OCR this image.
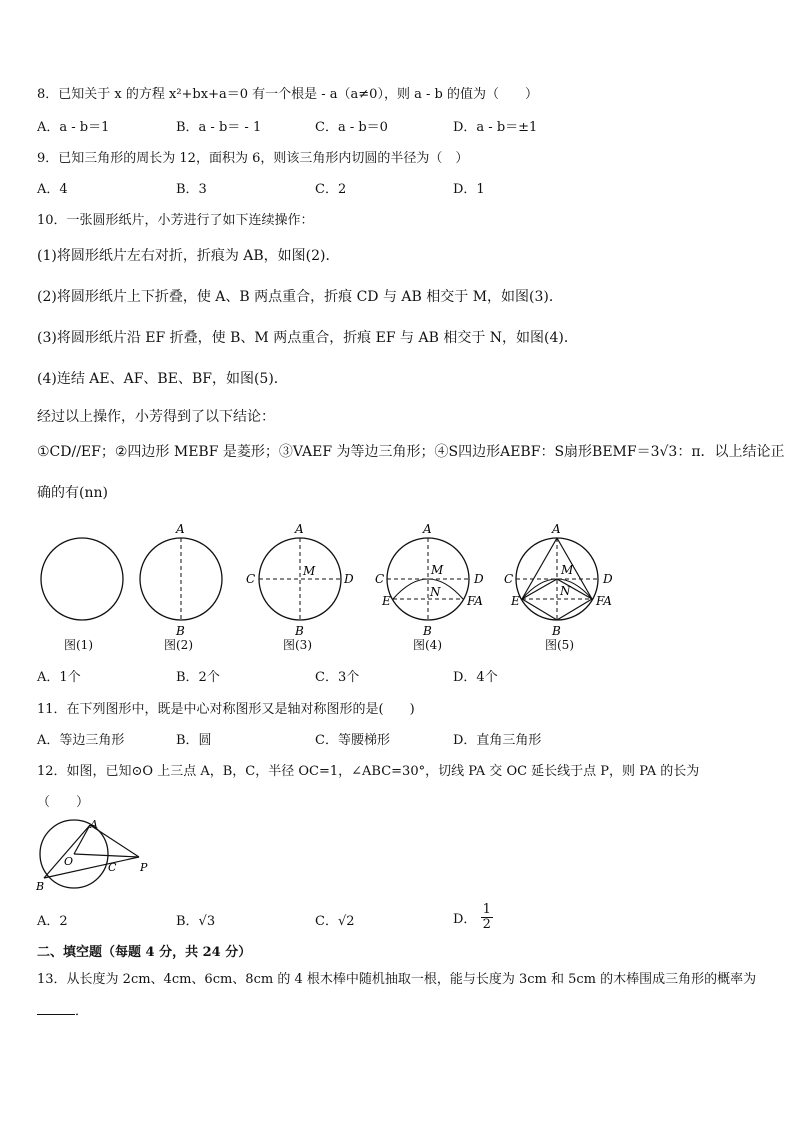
8．已知关于 x 的方程 x²+bx+a＝0 有一个根是 - a（a≠0），则 a - b 的值为（　　）
A．a - b＝1	B．a - b＝ - 1	C．a - b＝0	D．a - b＝±1
9．已知三角形的周长为 12，面积为 6，则该三角形内切圆的半径为（　）
A．4	B．3	C．2	D．1
10．一张圆形纸片，小芳进行了如下连续操作：
(1)将圆形纸片左右对折，折痕为 AB，如图(2)．
(2)将圆形纸片上下折叠，使 A、B 两点重合，折痕 CD 与 AB 相交于 M，如图(3)．
(3)将圆形纸片沿 EF 折叠，使 B、M 两点重合，折痕 EF 与 AB 相交于 N，如图(4)．
(4)连结 AE、AF、BE、BF，如图(5)．
经过以上操作，小芳得到了以下结论：
①CD//EF；②四边形 MEBF 是菱形；③VAEF 为等边三角形；④S四边形AEBF：S扇形BEMF＝3√3：π．以上结论正
确的有(nn)
A
B
A
B
C	D
M
A
B
C	D
M
N
E	FA
A
B
C	D
M
N
E	FA
图(1)	图(2)	图(3)	图(4)	图(5)
A．1个	B．2个	C．3个	D．4个
11．在下列图形中，既是中心对称图形又是轴对称图形的是(　　)
A．等边三角形	B．圆	C．等腰梯形	D．直角三角形
12．如图，已知⊙O 上三点 A，B，C，半径 OC=1，∠ABC=30°，切线 PA 交 OC 延长线于点 P，则 PA 的长为
（　　）
A
O	C P
B
A．2	B．√3	C．√2	D． $\frac{1}{2}$
二、填空题（每题 4 分，共 24 分）
13．从长度为 2cm、4cm、6cm、8cm 的 4 根木棒中随机抽取一根，能与长度为 3cm 和 5cm 的木棒围成三角形的概率为
．
